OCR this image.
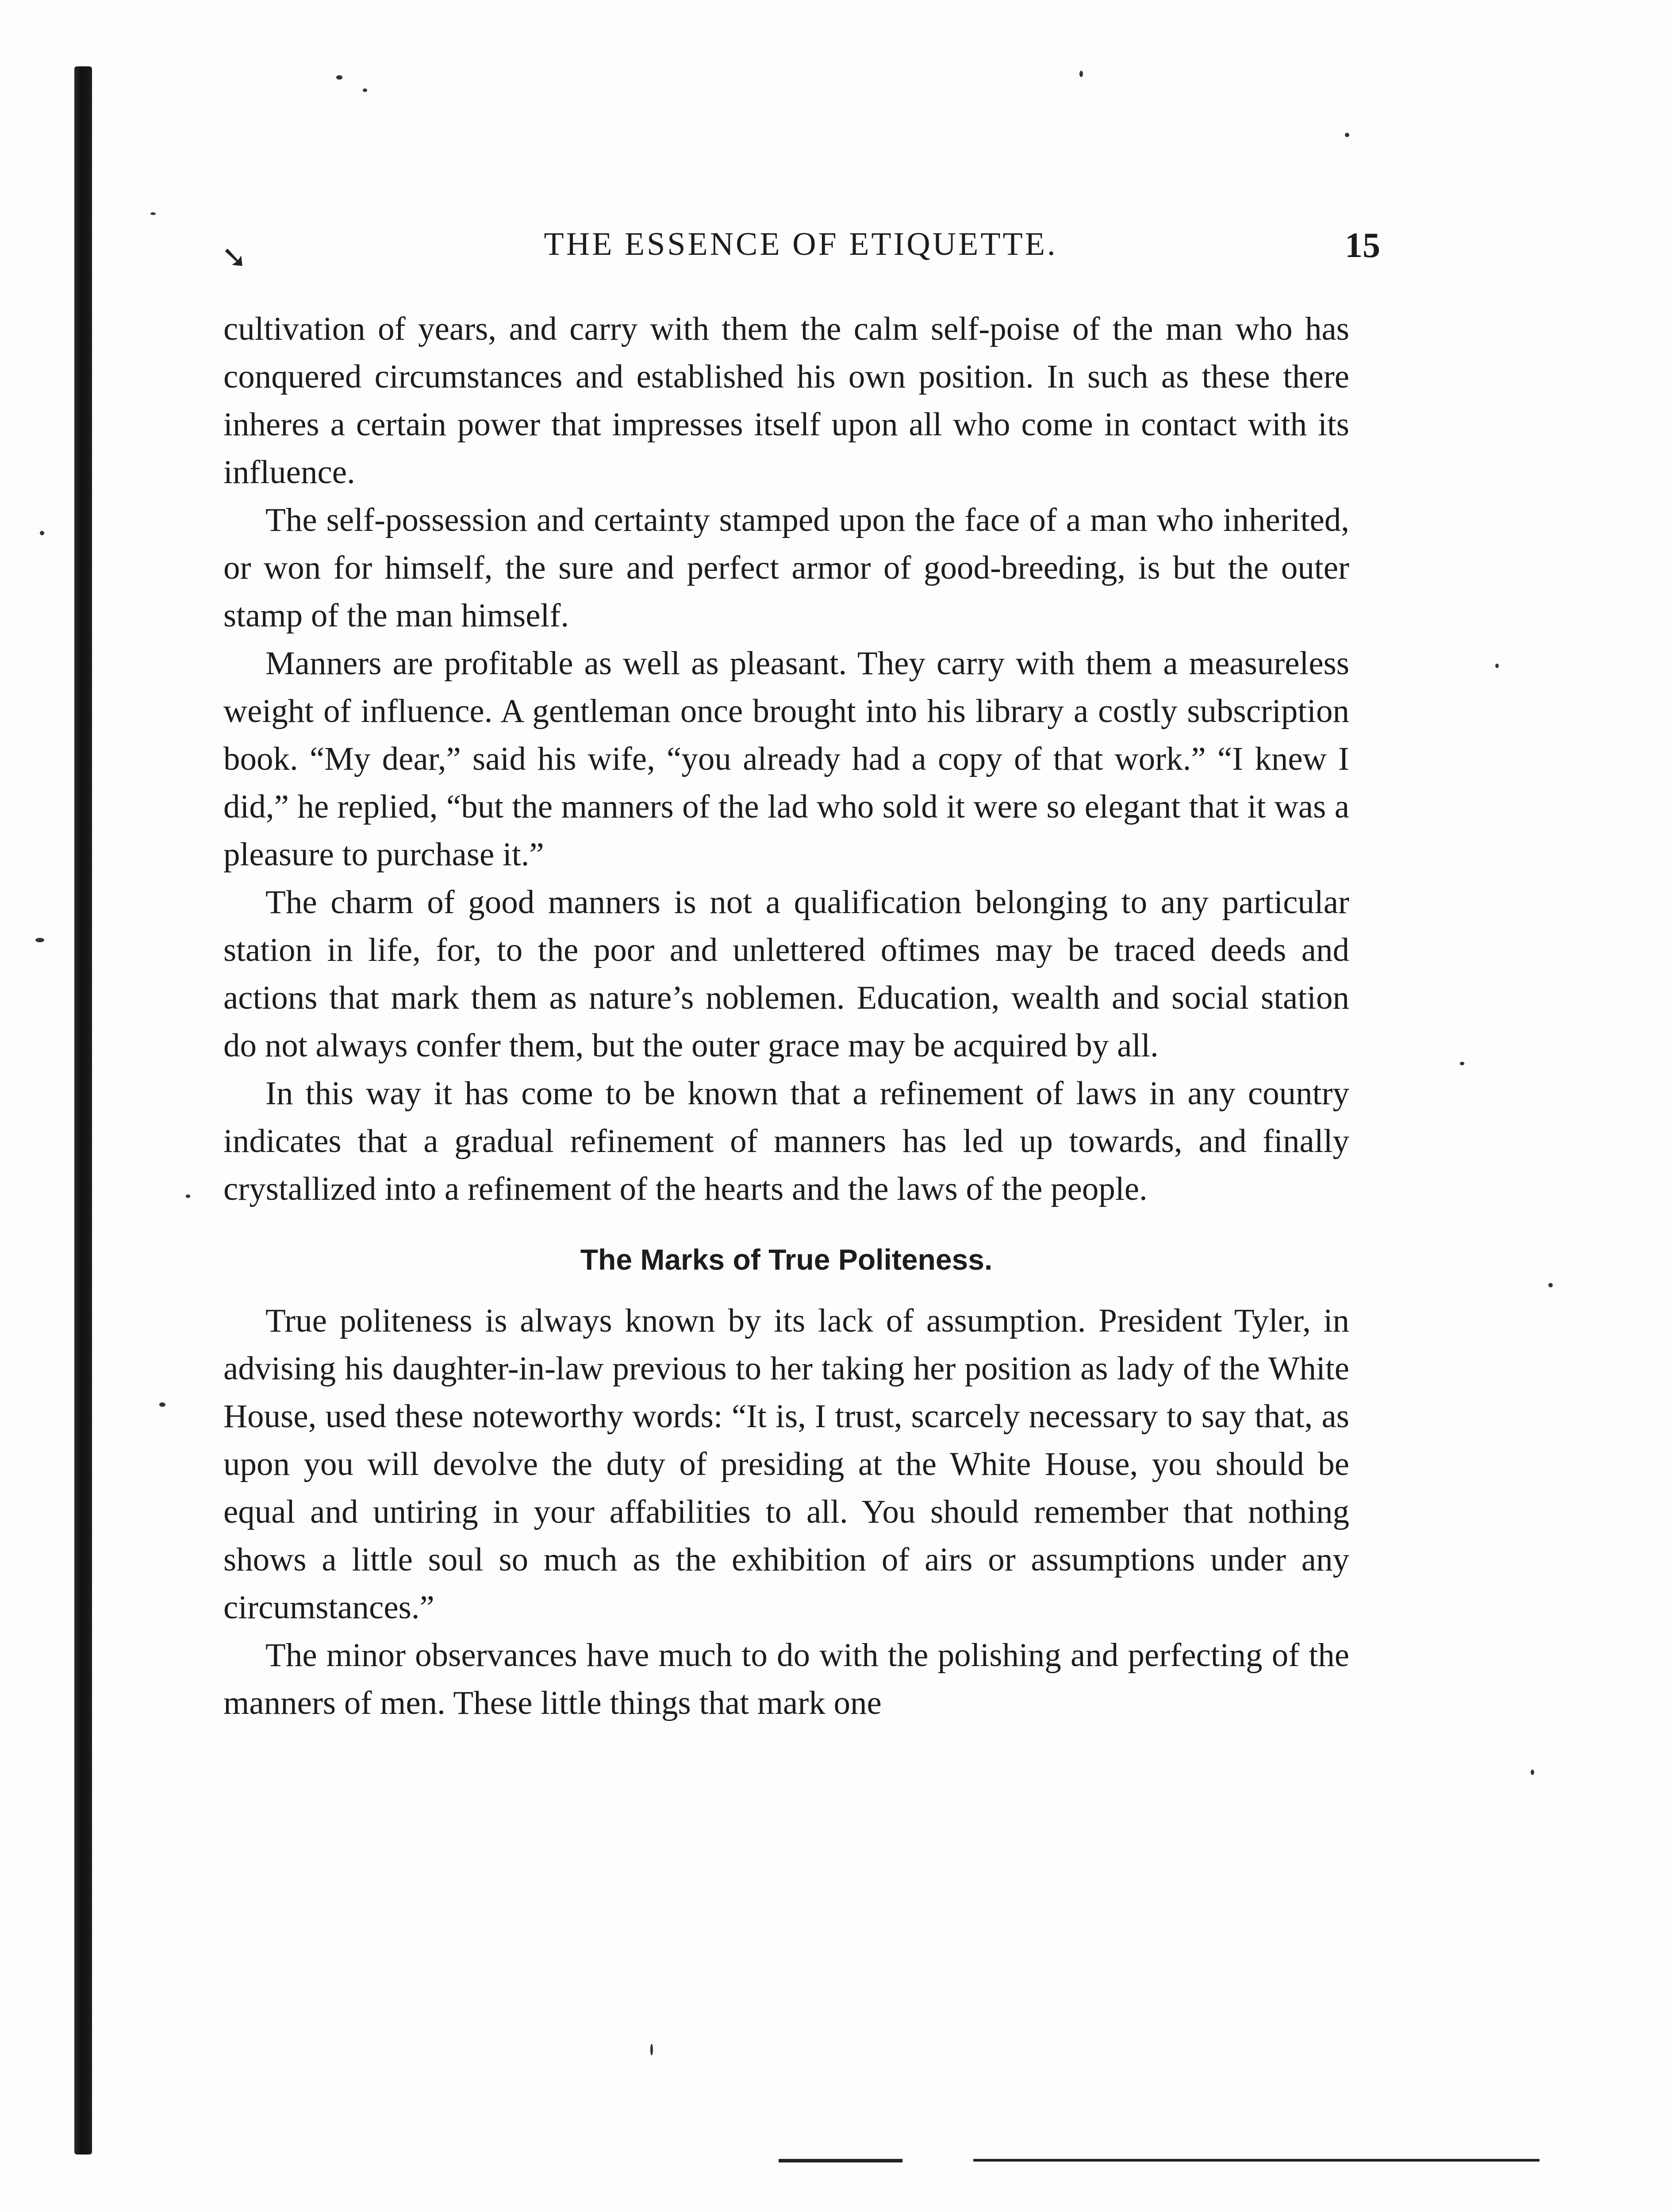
➘	THE ESSENCE OF ETIQUETTE.	15

cultivation of years, and carry with them the calm self-poise of the man who has conquered circumstances and established his own position. In such as these there inheres a certain power that impresses itself upon all who come in contact with its influence.

The self-possession and certainty stamped upon the face of a man who inherited, or won for himself, the sure and perfect armor of good-breeding, is but the outer stamp of the man himself.

Manners are profitable as well as pleasant. They carry with them a measureless weight of influence. A gentleman once brought into his library a costly subscription book. “My dear,” said his wife, “you already had a copy of that work.” “I knew I did,” he replied, “but the manners of the lad who sold it were so elegant that it was a pleasure to purchase it.”

The charm of good manners is not a qualification belonging to any particular station in life, for, to the poor and unlettered oftimes may be traced deeds and actions that mark them as nature’s noblemen. Education, wealth and social station do not always confer them, but the outer grace may be acquired by all.

In this way it has come to be known that a refinement of laws in any country indicates that a gradual refinement of manners has led up towards, and finally crystallized into a refinement of the hearts and the laws of the people.

The Marks of True Politeness.

True politeness is always known by its lack of assumption. President Tyler, in advising his daughter-in-law previous to her taking her position as lady of the White House, used these noteworthy words: “It is, I trust, scarcely necessary to say that, as upon you will devolve the duty of presiding at the White House, you should be equal and untiring in your affabilities to all. You should remember that nothing shows a little soul so much as the exhibition of airs or assumptions under any circumstances.”

The minor observances have much to do with the polishing and perfecting of the manners of men. These little things that mark one
